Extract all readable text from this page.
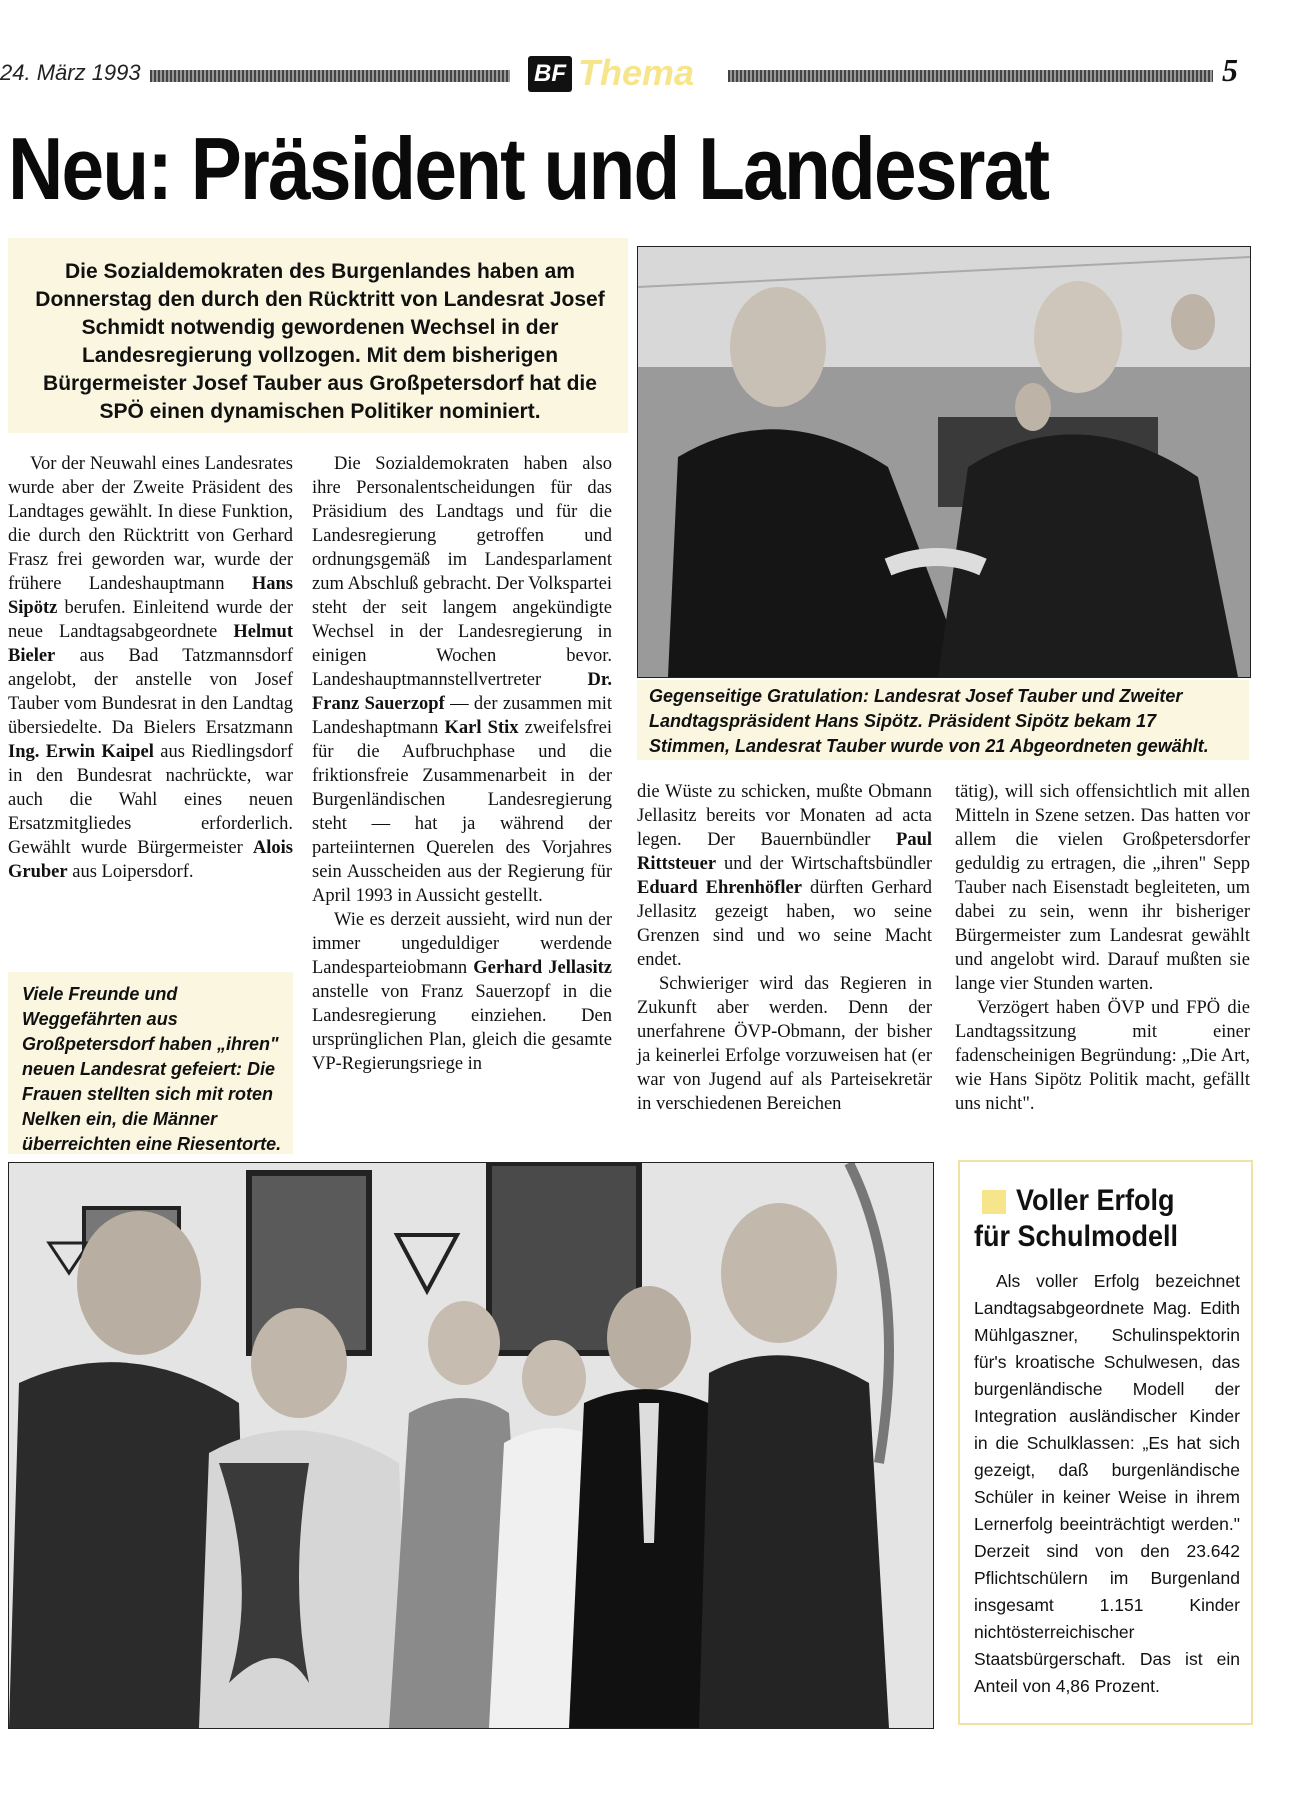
24. März 1993	BF Thema	5
Neu: Präsident und Landesrat
Die Sozialdemokraten des Burgenlandes haben am Donnerstag den durch den Rücktritt von Landesrat Josef Schmidt notwendig gewordenen Wechsel in der Landesregierung vollzogen. Mit dem bisherigen Bürgermeister Josef Tauber aus Großpetersdorf hat die SPÖ einen dynamischen Politiker nominiert.
Gegenseitige Gratulation: Landesrat Josef Tauber und Zweiter Landtagspräsident Hans Sipötz. Präsident Sipötz bekam 17 Stimmen, Landesrat Tauber wurde von 21 Abgeordneten gewählt.

Vor der Neuwahl eines Landesrates wurde aber der Zweite Präsident des Landtages gewählt. In diese Funktion, die durch den Rücktritt von Gerhard Frasz frei geworden war, wurde der frühere Landeshauptmann Hans Sipötz berufen. Einleitend wurde der neue Landtagsabgeordnete Helmut Bieler aus Bad Tatzmannsdorf angelobt, der anstelle von Josef Tauber vom Bundesrat in den Landtag übersiedelte. Da Bielers Ersatzmann Ing. Erwin Kaipel aus Riedlingsdorf in den Bundesrat nachrückte, war auch die Wahl eines neuen Ersatzmitgliedes erforderlich. Gewählt wurde Bürgermeister Alois Gruber aus Loipersdorf.

Viele Freunde und Weggefährten aus Großpetersdorf haben „ihren" neuen Landesrat gefeiert: Die Frauen stellten sich mit roten Nelken ein, die Männer überreichten eine Riesentorte.

Die Sozialdemokraten haben also ihre Personalentscheidungen für das Präsidium des Landtags und für die Landesregierung getroffen und ordnungsgemäß im Landesparlament zum Abschluß gebracht. Der Volkspartei steht der seit langem angekündigte Wechsel in der Landesregierung in einigen Wochen bevor. Landeshauptmannstellvertreter Dr. Franz Sauerzopf — der zusammen mit Landeshaptmann Karl Stix zweifelsfrei für die Aufbruchphase und die friktionsfreie Zusammenarbeit in der Burgenländischen Landesregierung steht — hat ja während der parteiinternen Querelen des Vorjahres sein Ausscheiden aus der Regierung für April 1993 in Aussicht gestellt.

Wie es derzeit aussieht, wird nun der immer ungeduldiger werdende Landesparteiobmann Gerhard Jellasitz anstelle von Franz Sauerzopf in die Landesregierung einziehen. Den ursprünglichen Plan, gleich die gesamte VP-Regierungsriege in

die Wüste zu schicken, mußte Obmann Jellasitz bereits vor Monaten ad acta legen. Der Bauernbündler Paul Rittsteuer und der Wirtschaftsbündler Eduard Ehrenhöfler dürften Gerhard Jellasitz gezeigt haben, wo seine Grenzen sind und wo seine Macht endet.

Schwieriger wird das Regieren in Zukunft aber werden. Denn der unerfahrene ÖVP-Obmann, der bisher ja keinerlei Erfolge vorzuweisen hat (er war von Jugend auf als Parteisekretär in verschiedenen Bereichen

tätig), will sich offensichtlich mit allen Mitteln in Szene setzen. Das hatten vor allem die vielen Großpetersdorfer geduldig zu ertragen, die „ihren" Sepp Tauber nach Eisenstadt begleiteten, um dabei zu sein, wenn ihr bisheriger Bürgermeister zum Landesrat gewählt und angelobt wird. Darauf mußten sie lange vier Stunden warten.

Verzögert haben ÖVP und FPÖ die Landtagssitzung mit einer fadenscheinigen Begründung: „Die Art, wie Hans Sipötz Politik macht, gefällt uns nicht".

Voller Erfolg
für Schulmodell

Als voller Erfolg bezeichnet Landtagsabgeordnete Mag. Edith Mühlgaszner, Schulinspektorin für's kroatische Schulwesen, das burgenländische Modell der Integration ausländischer Kinder in die Schulklassen: „Es hat sich gezeigt, daß burgenländische Schüler in keiner Weise in ihrem Lernerfolg beeinträchtigt werden." Derzeit sind von den 23.642 Pflichtschülern im Burgenland insgesamt 1.151 Kinder nichtösterreichischer Staatsbürgerschaft. Das ist ein Anteil von 4,86 Prozent.
